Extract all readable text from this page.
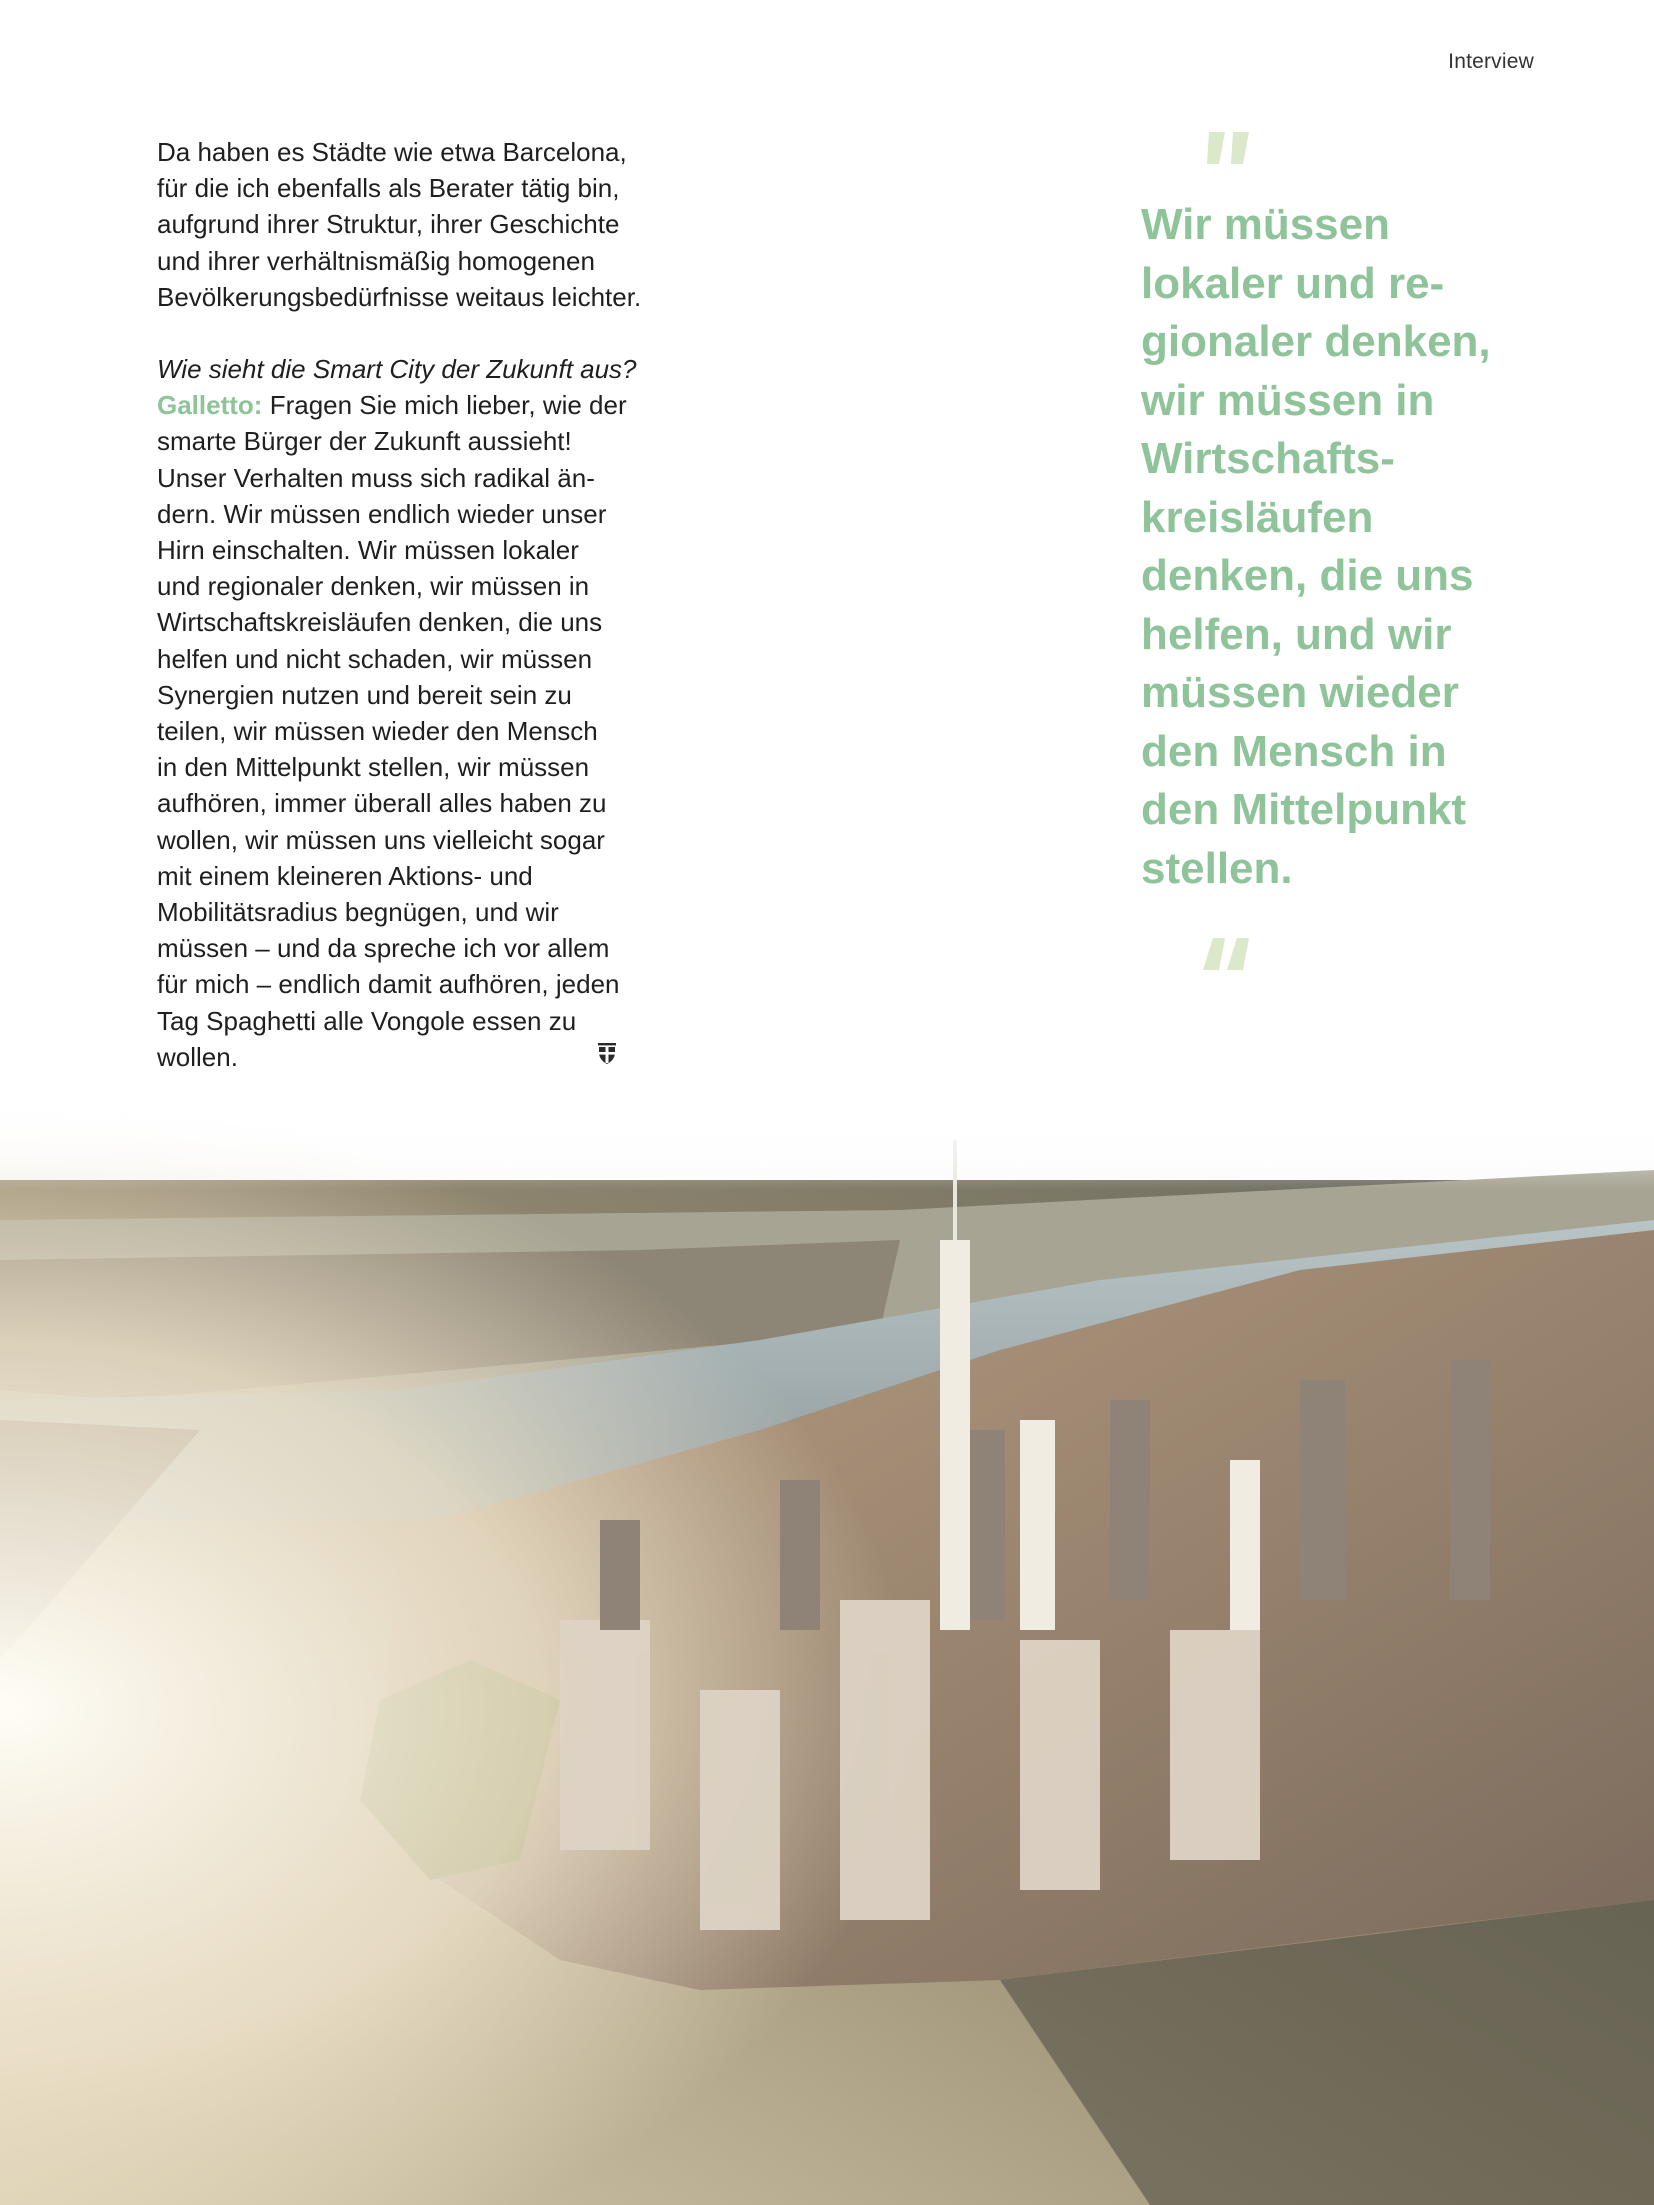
Interview

Da haben es Städte wie etwa Barcelona,
für die ich ebenfalls als Berater tätig bin,
aufgrund ihrer Struktur, ihrer Geschichte
und ihrer verhältnismäßig homogenen
Bevölkerungsbedürfnisse weitaus leichter.

Wie sieht die Smart City der Zukunft aus?
Galletto: Fragen Sie mich lieber, wie der
smarte Bürger der Zukunft aussieht!
Unser Verhalten muss sich radikal än-
dern. Wir müssen endlich wieder unser
Hirn einschalten. Wir müssen lokaler
und regionaler denken, wir müssen in
Wirtschaftskreisläufen denken, die uns
helfen und nicht schaden, wir müssen
Synergien nutzen und bereit sein zu
teilen, wir müssen wieder den Mensch
in den Mittelpunkt stellen, wir müssen
aufhören, immer überall alles haben zu
wollen, wir müssen uns vielleicht sogar
mit einem kleineren Aktions- und
Mobilitätsradius begnügen, und wir
müssen – und da spreche ich vor allem
für mich – endlich damit aufhören, jeden
Tag Spaghetti alle Vongole essen zu
wollen.

Wir müssen
lokaler und re-
gionaler denken,
wir müssen in
Wirtschafts-
kreisläufen
denken, die uns
helfen, und wir
müssen wieder
den Mensch in
den Mittelpunkt
stellen.
